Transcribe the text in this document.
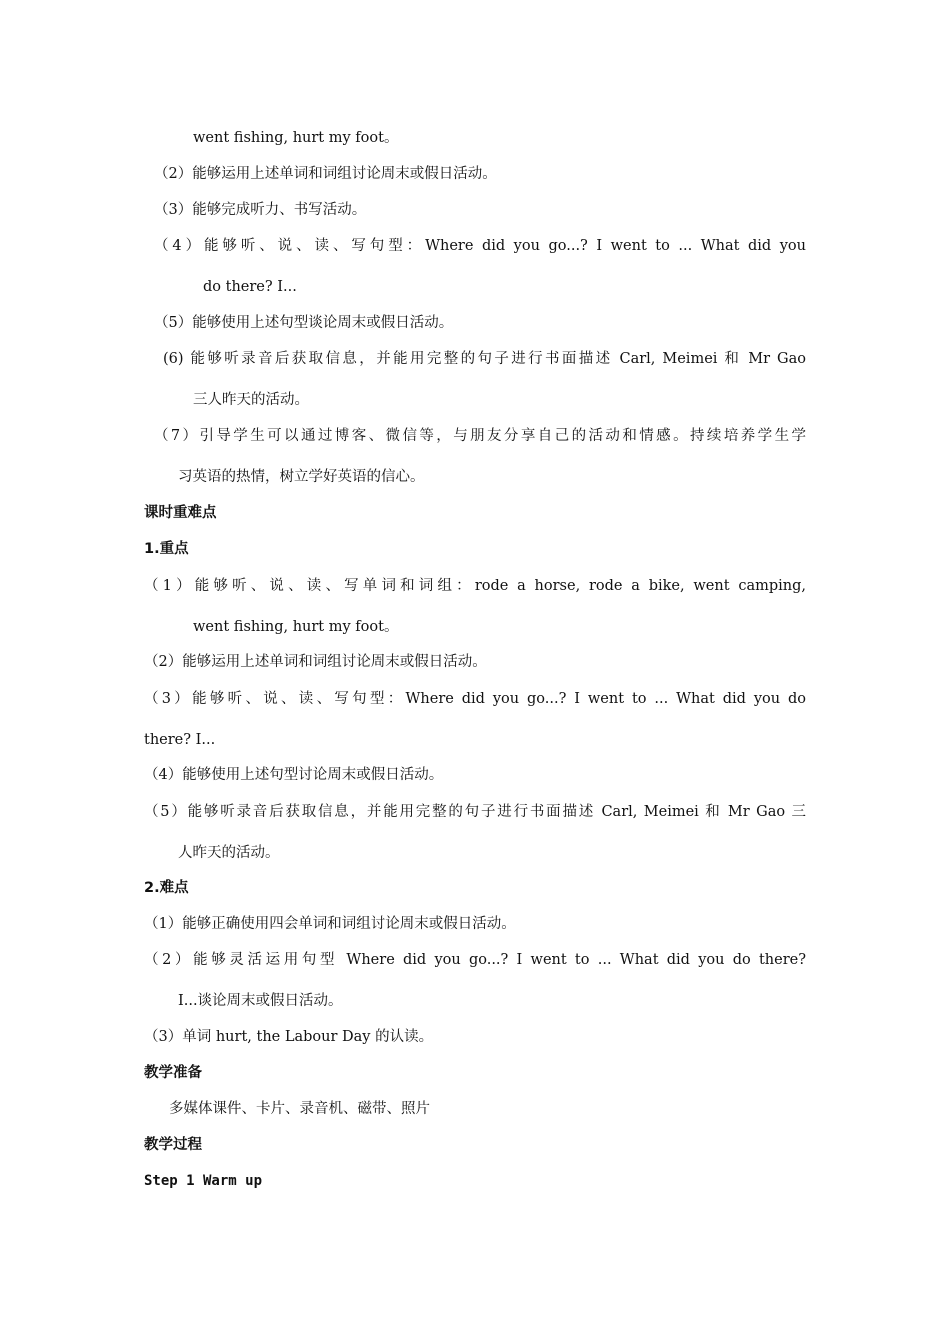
went fishing, hurt my foot。

（2）能够运用上述单词和词组讨论周末或假日活动。

（3）能够完成听力、书写活动。

（4）能够听、说、读、写句型：Where did you go...? I went to ... What did you

do there? I...

（5）能够使用上述句型谈论周末或假日活动。

(6) 能够听录音后获取信息，并能用完整的句子进行书面描述 Carl, Meimei 和 Mr Gao

三人昨天的活动。

（7）引导学生可以通过博客、微信等，与朋友分享自己的活动和情感。持续培养学生学

习英语的热情，树立学好英语的信心。

课时重难点

1.重点

（1）能够听、说、读、写单词和词组：rode a horse, rode a bike, went camping,

went fishing, hurt my foot。

（2）能够运用上述单词和词组讨论周末或假日活动。

（3）能够听、说、读、写句型：Where did you go...? I went to ... What did you do

there? I...

（4）能够使用上述句型讨论周末或假日活动。

（5）能够听录音后获取信息，并能用完整的句子进行书面描述 Carl, Meimei 和 Mr Gao 三

人昨天的活动。

2.难点

（1）能够正确使用四会单词和词组讨论周末或假日活动。

（2）能够灵活运用句型 Where did you go...? I went to ... What did you do there?

I...谈论周末或假日活动。

（3）单词 hurt, the Labour Day 的认读。

教学准备

多媒体课件、卡片、录音机、磁带、照片

教学过程

Step 1 Warm up
